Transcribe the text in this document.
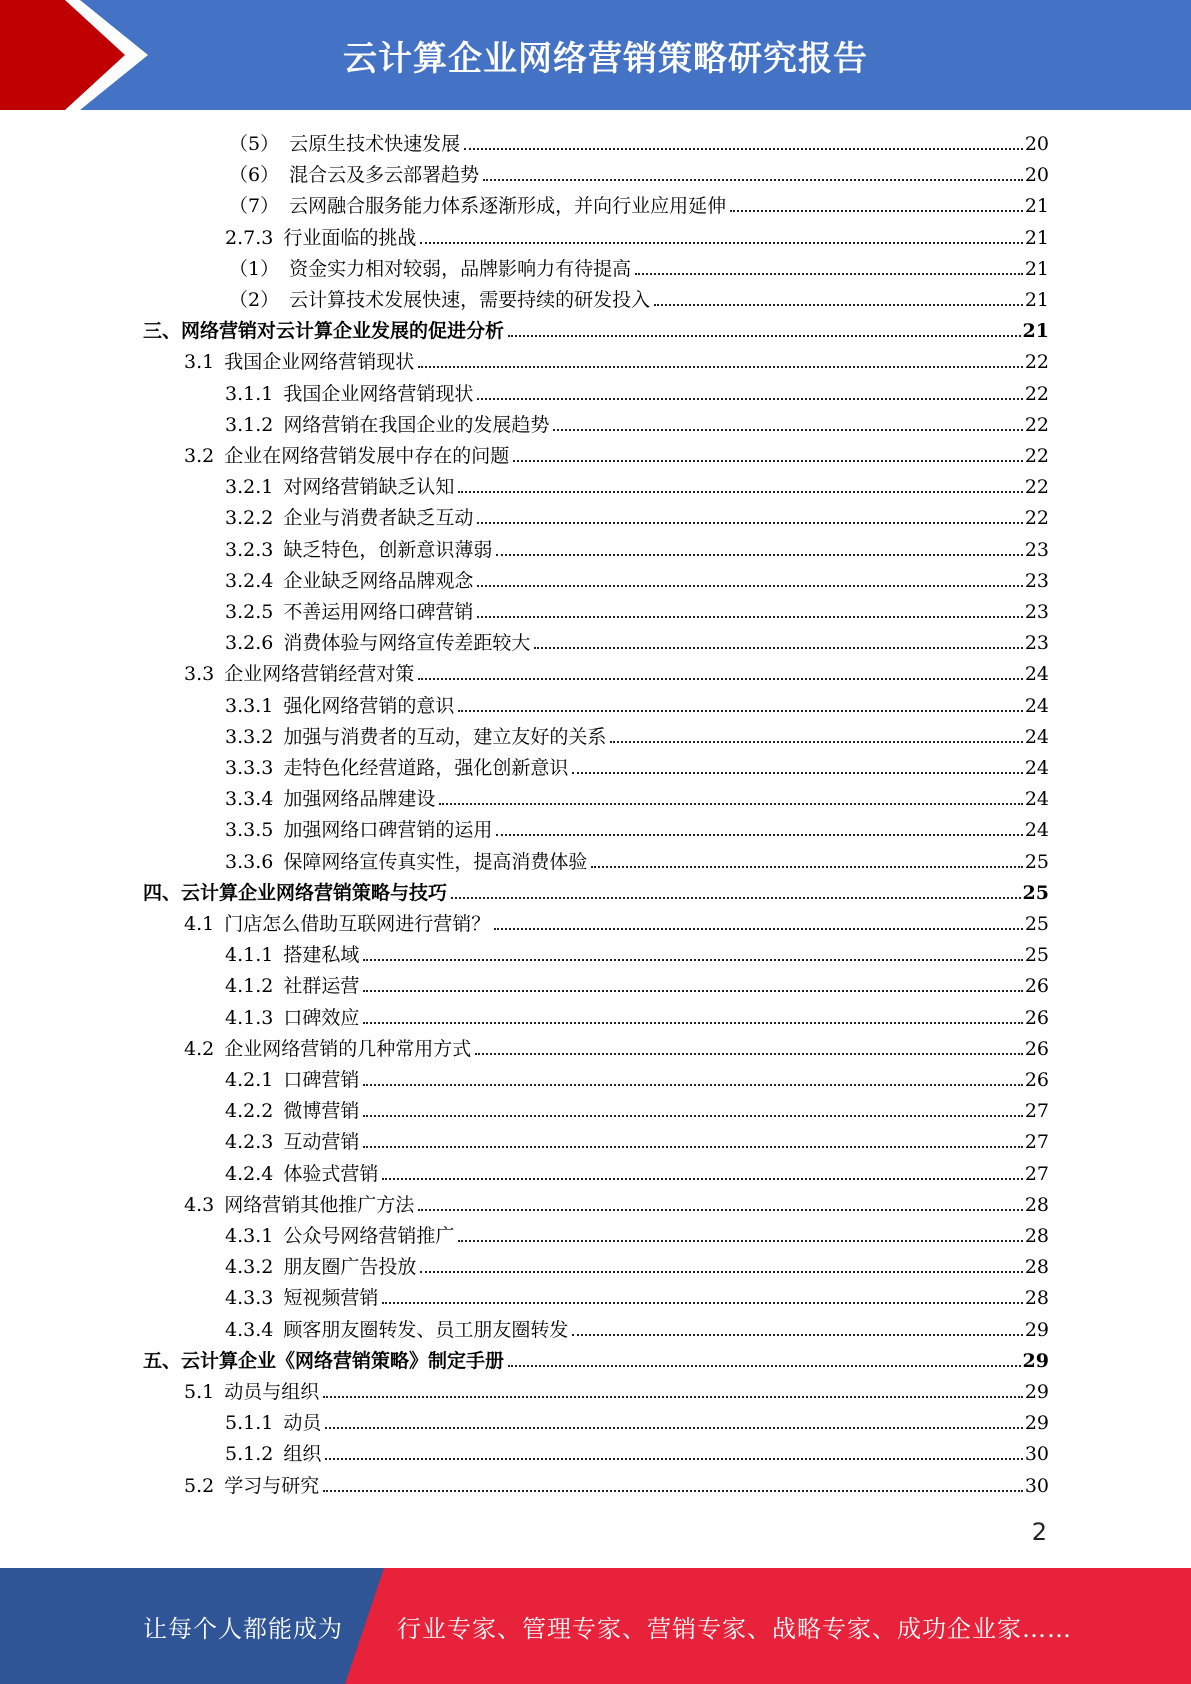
云计算企业网络营销策略研究报告
（5） 云原生技术快速发展	20
（6） 混合云及多云部署趋势	20
（7） 云网融合服务能力体系逐渐形成，并向行业应用延伸	21
2.7.3 行业面临的挑战	21
（1） 资金实力相对较弱，品牌影响力有待提高	21
（2） 云计算技术发展快速，需要持续的研发投入	21
三、 网络营销对云计算企业发展的促进分析	21
3.1 我国企业网络营销现状	22
3.1.1 我国企业网络营销现状	22
3.1.2 网络营销在我国企业的发展趋势	22
3.2 企业在网络营销发展中存在的问题	22
3.2.1 对网络营销缺乏认知	22
3.2.2 企业与消费者缺乏互动	22
3.2.3 缺乏特色，创新意识薄弱	23
3.2.4 企业缺乏网络品牌观念	23
3.2.5 不善运用网络口碑营销	23
3.2.6 消费体验与网络宣传差距较大	23
3.3 企业网络营销经营对策	24
3.3.1 强化网络营销的意识	24
3.3.2 加强与消费者的互动，建立友好的关系	24
3.3.3 走特色化经营道路，强化创新意识	24
3.3.4 加强网络品牌建设	24
3.3.5 加强网络口碑营销的运用	24
3.3.6 保障网络宣传真实性，提高消费体验	25
四、 云计算企业网络营销策略与技巧	25
4.1 门店怎么借助互联网进行营销？	25
4.1.1 搭建私域	25
4.1.2 社群运营	26
4.1.3 口碑效应	26
4.2 企业网络营销的几种常用方式	26
4.2.1 口碑营销	26
4.2.2 微博营销	27
4.2.3 互动营销	27
4.2.4 体验式营销	27
4.3 网络营销其他推广方法	28
4.3.1 公众号网络营销推广	28
4.3.2 朋友圈广告投放	28
4.3.3 短视频营销	28
4.3.4 顾客朋友圈转发、员工朋友圈转发	29
五、 云计算企业《网络营销策略》制定手册	29
5.1 动员与组织	29
5.1.1 动员	29
5.1.2 组织	30
5.2 学习与研究	30
2
让每个人都能成为 行业专家、管理专家、营销专家、战略专家、成功企业家……
